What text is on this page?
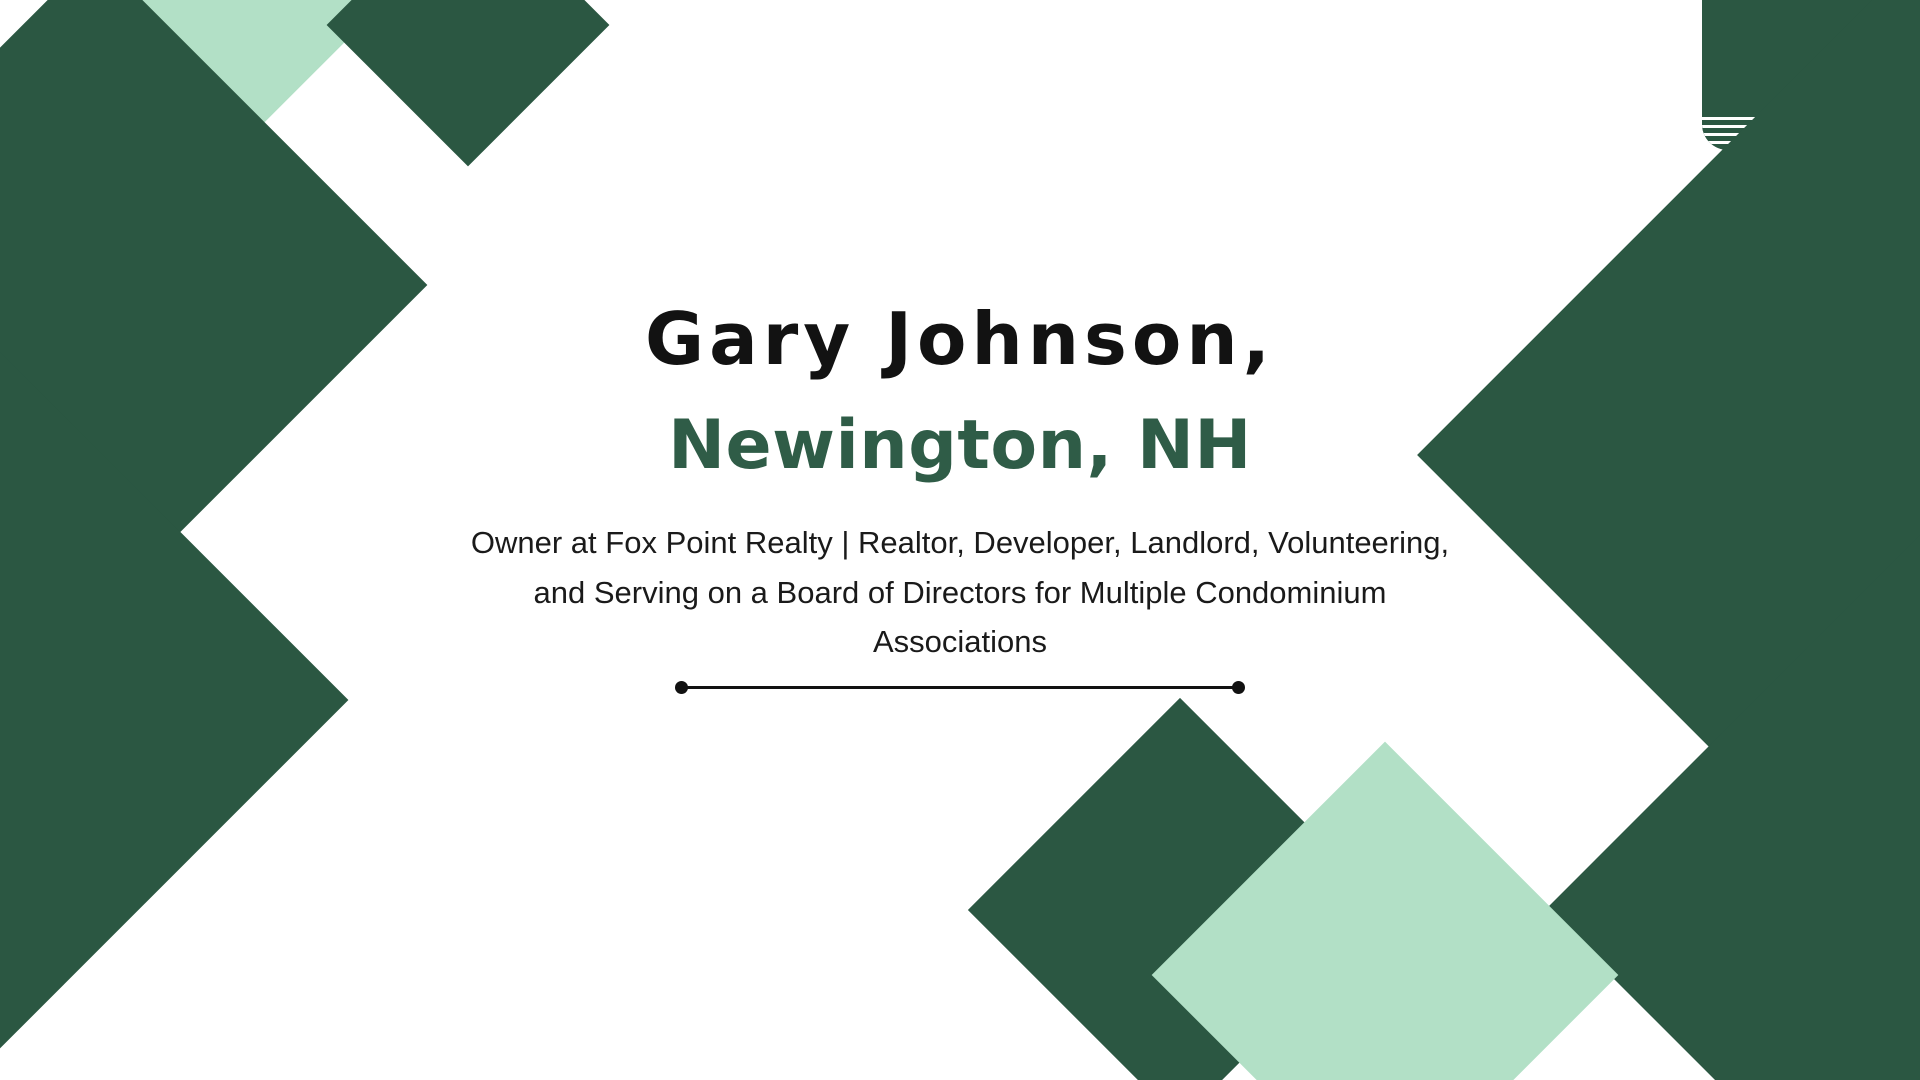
Gary Johnson,
Newington, NH
Owner at Fox Point Realty | Realtor, Developer, Landlord, Volunteering, and Serving on a Board of Directors for Multiple Condominium Associations
